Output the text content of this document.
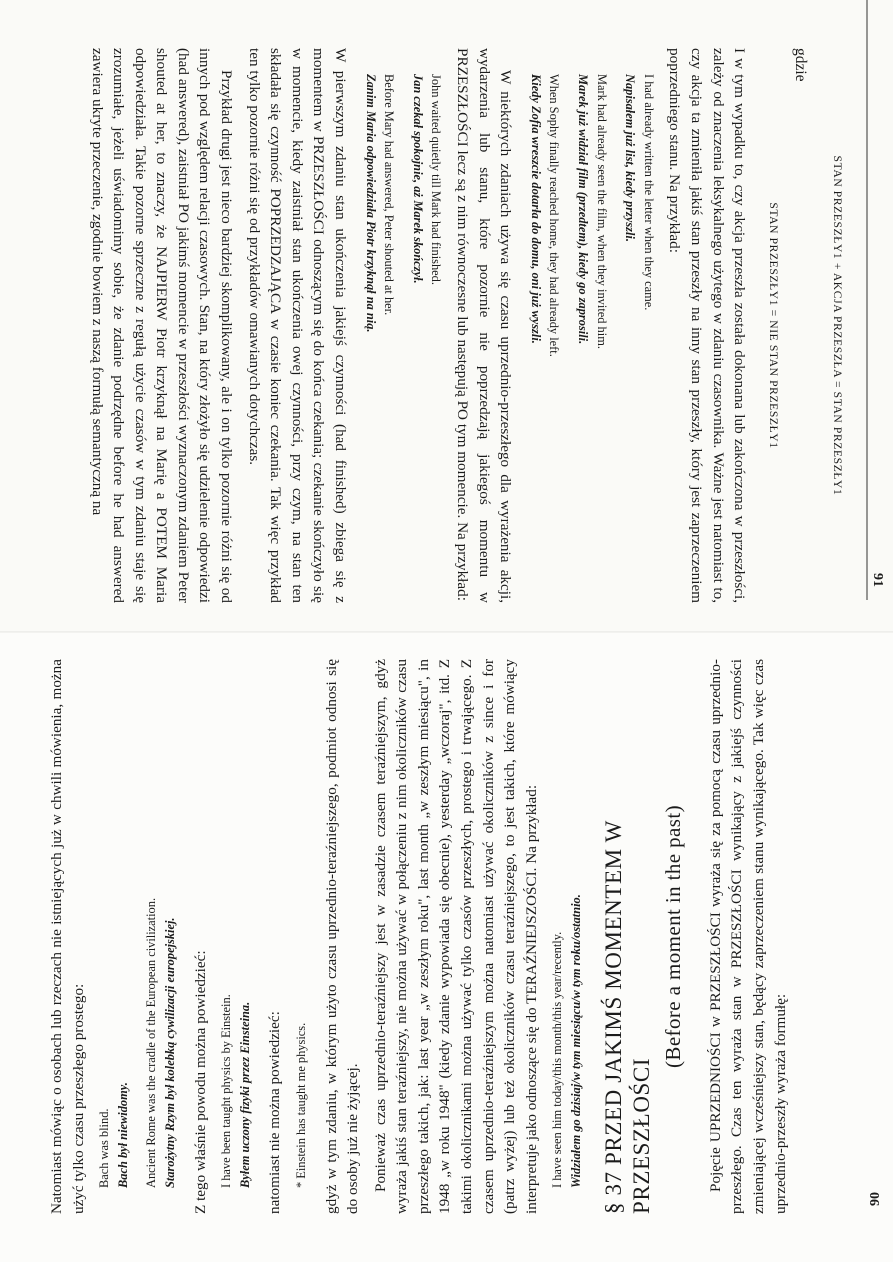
Natomiast mówiąc o osobach lub rzeczach nie istniejących już w chwili mówienia, można użyć tylko czasu przeszłego prostego: Bach was blind. Bach był niewidomy. Ancient Rome was the cradle of the European civilization. Starożytny Rzym był kolebką cywilizacji europejskiej. Z tego właśnie powodu można powiedzieć: I have been taught physics by Einstein. Byłem uczony fizyki przez Einsteina. natomiast nie można powiedzieć: * Einstein has taught me physics. gdyż w tym zdaniu, w którym użyto czasu uprzednio-teraźniejszego, podmiot odnosi się do osoby już nie żyjącej. Ponieważ czas uprzednio-teraźniejszy jest w zasadzie czasem teraźniejszym, gdyż wyraża jakiś stan teraźniejszy, nie można używać w połączeniu z nim okoliczników czasu przeszłego takich, jak: last year „w zeszłym roku", last month „w zeszłym miesiącu", in 1948 „w roku 1948" (kiedy zdanie wypowiada się obecnie), yesterday „wczoraj", itd. Z takimi okolicznikami można używać tylko czasów przeszłych, prostego i trwającego. Z czasem uprzednio-teraźniejszym można natomiast używać okoliczników z since i for (patrz wyżej) lub też okoliczników czasu teraźniejszego, to jest takich, które mówiący interpretuje jako odnoszące się do TERAŹNIEJSZOŚCI. Na przykład: I have seen him today/this month/this year/recently. Widziałem go dzisiaj/w tym miesiącu/w tym roku/ostatnio. § 37 PRZED JAKIMŚ MOMENTEM W PRZESZŁOŚCI
(Before a moment in the past) Pojęcie UPRZEDNIOŚCI w PRZESZŁOŚCI wyraża się za pomocą czasu uprzednio-przeszłego. Czas ten wyraża stan w PRZESZŁOŚCI wynikający z jakiejś czynności zmieniającej wcześniejszy stan, będący zaprzeczeniem stanu wynikającego. Tak więc czas uprzednio-przeszły wyraża formułę:	90
STAN PRZESZŁY1 + AKCJA PRZESZŁA = STAN PRZESZŁY1
gdzie
STAN PRZESZŁY1 = NIE STAN PRZESZŁY1

I w tym wypadku to, czy akcja przeszła została dokonana lub zakończona w przeszłości, zależy od znaczenia leksykalnego użytego w zdaniu czasownika. Ważne jest natomiast to, czy akcja ta zmieniła jakiś stan przeszły na inny stan przeszły, który jest zaprzeczeniem poprzedniego stanu. Na przykład:

I had already written the letter when they came.
Napisałem już list, kiedy przyszli.
Mark had already seen the film, when they invited him.
Marek już widział film (przedtem), kiedy go zaprosili.
When Sophy finally reached home, they had already left.
Kiedy Zofia wreszcie dotarła do domu, oni już wyszli.

W niektórych zdaniach używa się czasu uprzednio-przeszłego dla wyrażenia akcji, wydarzenia lub stanu, które pozornie nie poprzedzają jakiegoś momentu w PRZESZŁOŚCI lecz są z nim równoczesne lub następują PO tym momencie. Na przykład:

John waited quietly till Mark had finished.
Jan czekał spokojnie, aż Marek skończył.
Before Mary had answered, Peter shouted at her.
Zanim Maria odpowiedziała Piotr krzyknął na nią.

W pierwszym zdaniu stan ukończenia jakiejś czynności (had finished) zbiega się z momentem w PRZESZŁOŚCI odnoszącym się do końca czekania; czekanie skończyło się w momencie, kiedy zaistniał stan ukończenia owej czynności, przy czym, na stan ten składała się czynność POPRZEDZAJĄCA w czasie koniec czekania. Tak więc przykład ten tylko pozornie różni się od przykładów omawianych dotychczas.

Przykład drugi jest nieco bardziej skomplikowany, ale i on tylko pozornie różni się od innych pod względem relacji czasowych. Stan, na który złożyło się udzielenie odpowiedzi (had answered), zaistniał PO jakimś momencie w przeszłości wyznaczonym zdaniem Peter shouted at her, to znaczy, że NAJPIERW Piotr krzyknął na Marię a POTEM Maria odpowiedziała. Takie pozorne sprzeczne z regułą użycie czasów w tym zdaniu staje się zrozumiałe, jeżeli uświadomimy sobie, że zdanie podrzędne before he had answered zawiera ukryte przeczenie, zgodnie bowiem z naszą formułą semantyczną na

91
